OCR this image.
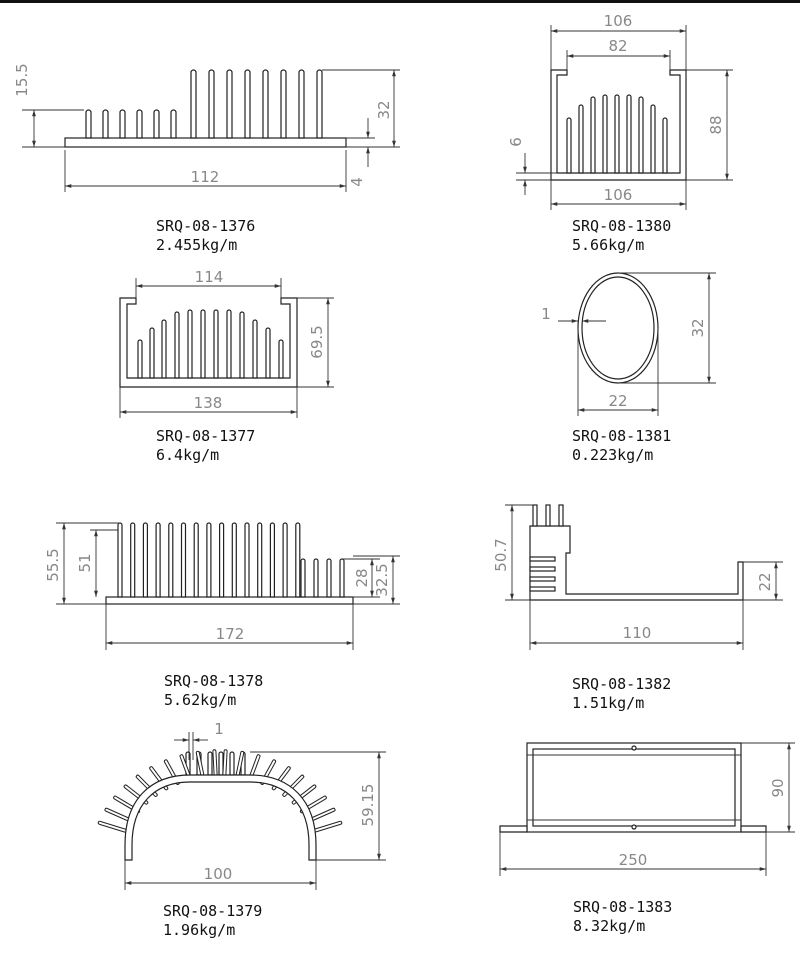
112
15.5
32
4
106
82
88
6
106
114
69.5
138
1
32
22
55.5 51
28 32.5
172
50.7
22
110
1
59.15
100
90
250
SRQ-08-1376
2.455kg/m
SRQ-08-1380
5.66kg/m
SRQ-08-1377
6.4kg/m
SRQ-08-1381
0.223kg/m
SRQ-08-1378
5.62kg/m
SRQ-08-1382
1.51kg/m
SRQ-08-1379
1.96kg/m
SRQ-08-1383
8.32kg/m
